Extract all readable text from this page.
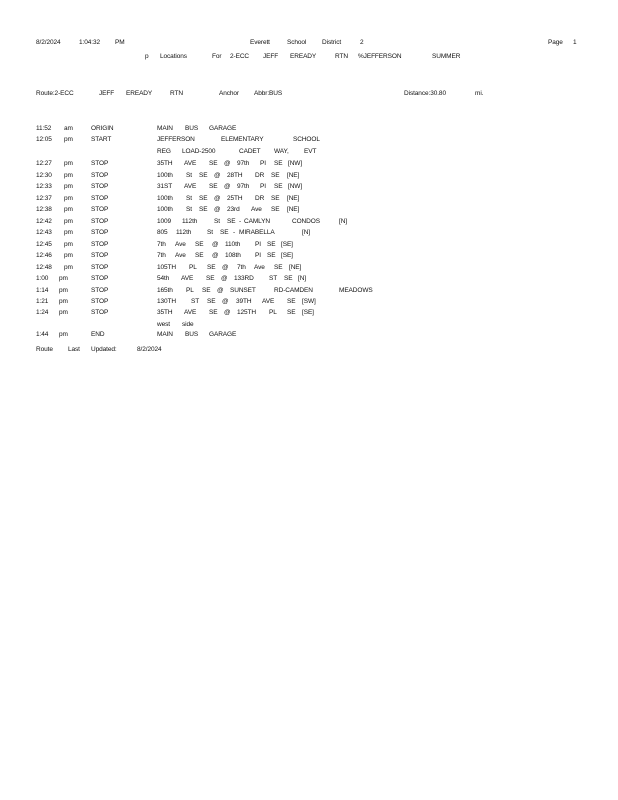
8/2/2024	1:04:32 PM	Everett	School District	2	Page 1
p Locations	For 2-ECC JEFF EREADY	RTN %JEFFERSON	SUMMER
Route:2-ECC	JEFF EREADY	RTN	Anchor Abbr:BUS	Distance:30.80	mi.
11:52 am	ORIGIN	MAIN BUS GARAGE
12:05 pm	START	JEFFERSON	ELEMENTARY	SCHOOL
REG LOAD-2500	CADET WAY, EVT
12:27 pm	STOP	35TH AVE SE @ 97th PI SE [NW]
12:30 pm	STOP	100th St SE @ 28TH DR SE [NE]
12:33 pm	STOP	31ST AVE SE @ 97th PI SE [NW]
12:37 pm	STOP	100th St SE @ 25TH DR SE [NE]
12:38 pm	STOP	100th St SE @ 23rd Ave SE [NE]
12:42 pm	STOP	1009 112th	St SE - CAMLYN	CONDOS	[N]
12:43 pm	STOP	805 112th St SE - MIRABELLA	[N]
12:45 pm	STOP	7th Ave SE @ 110th PI SE [SE]
12:46 pm	STOP	7th Ave SE @ 108th PI SE [SE]
12:48 pm	STOP	105TH PL SE @ 7th Ave SE [NE]
1:00 pm	STOP	54th AVE SE @ 133RD ST SE [N]
1:14 pm	STOP	165th PL SE @ SUNSET	RD-CAMDEN	MEADOWS
1:21 pm	STOP	130TH ST SE @ 39TH AVE SE [SW]
1:24 pm	STOP	35TH AVE SE @ 125TH PL SE [SE]
west side
1:44 pm	END	MAIN BUS GARAGE
Route Last Updated:	8/2/2024
